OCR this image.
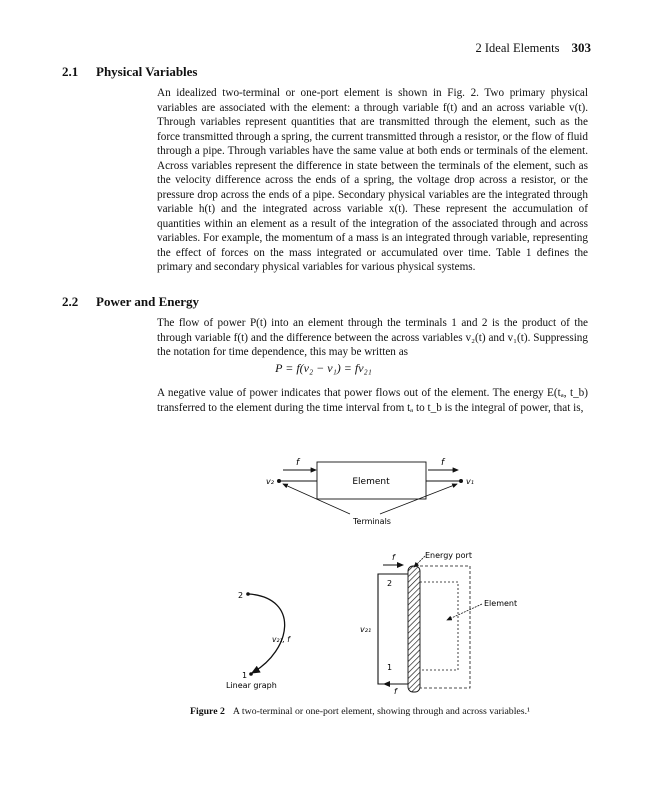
2 Ideal Elements 303
2.1 Physical Variables
An idealized two-terminal or one-port element is shown in Fig. 2. Two primary physical variables are associated with the element: a through variable f(t) and an across variable v(t). Through variables represent quantities that are transmitted through the element, such as the force transmitted through a spring, the current transmitted through a resistor, or the flow of fluid through a pipe. Through variables have the same value at both ends or terminals of the element. Across variables represent the difference in state between the terminals of the element, such as the velocity difference across the ends of a spring, the voltage drop across a resistor, or the pressure drop across the ends of a pipe. Secondary physical variables are the integrated through variable h(t) and the integrated across variable x(t). These represent the accumulation of quantities within an element as a result of the integration of the associated through and across variables. For example, the momentum of a mass is an integrated through variable, representing the effect of forces on the mass integrated or accumulated over time. Table 1 defines the primary and secondary physical variables for various physical systems.
2.2 Power and Energy
The flow of power P(t) into an element through the terminals 1 and 2 is the product of the through variable f(t) and the difference between the across variables v₂(t) and v₁(t). Suppressing the notation for time dependence, this may be written as
P = f(v₂ − v₁) = fv₂₁
A negative value of power indicates that power flows out of the element. The energy E(tₐ, t_b) transferred to the element during the time interval from tₐ to t_b is the integral of power, that is,
Element
f	f
v₂	v₁
Terminals
2
1
f
f
v₂₁
Energy port
Element
2
1
v₂₁, f
Linear graph
Figure 2 A two-terminal or one-port element, showing through and across variables.¹
